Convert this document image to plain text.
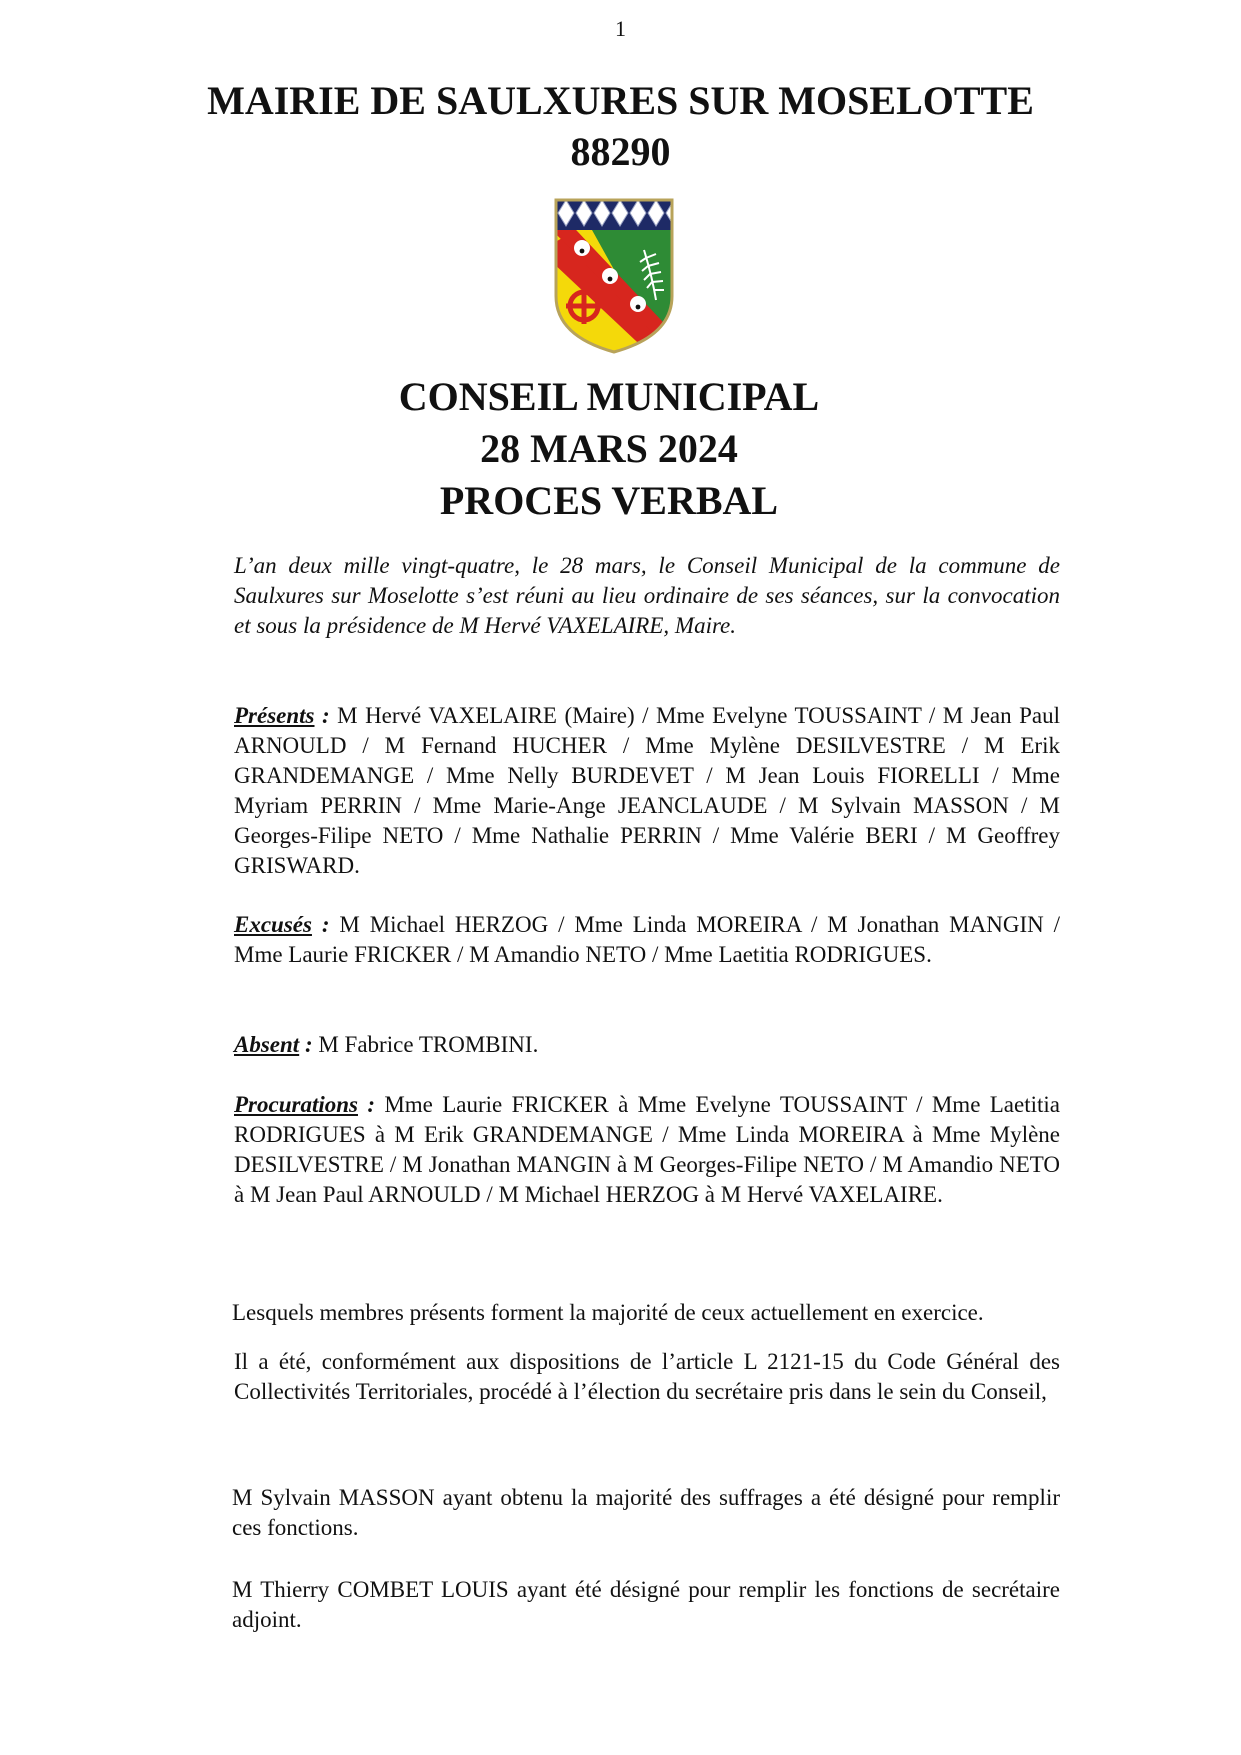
1
MAIRIE DE SAULXURES SUR MOSELOTTE
88290
CONSEIL MUNICIPAL
28 MARS 2024
PROCES VERBAL

L’an deux mille vingt-quatre, le 28 mars, le Conseil Municipal de la commune de Saulxures sur Moselotte s’est réuni au lieu ordinaire de ses séances, sur la convocation et sous la présidence de M Hervé VAXELAIRE, Maire.

Présents : M Hervé VAXELAIRE (Maire) / Mme Evelyne TOUSSAINT / M Jean Paul ARNOULD / M Fernand HUCHER / Mme Mylène DESILVESTRE / M Erik GRANDEMANGE / Mme Nelly BURDEVET / M Jean Louis FIORELLI / Mme Myriam PERRIN / Mme Marie-Ange JEANCLAUDE / M Sylvain MASSON / M Georges-Filipe NETO / Mme Nathalie PERRIN / Mme Valérie BERI / M Geoffrey GRISWARD.

Excusés : M Michael HERZOG / Mme Linda MOREIRA / M Jonathan MANGIN / Mme Laurie FRICKER / M Amandio NETO / Mme Laetitia RODRIGUES.

Absent : M Fabrice TROMBINI.

Procurations : Mme Laurie FRICKER à Mme Evelyne TOUSSAINT / Mme Laetitia RODRIGUES à M Erik GRANDEMANGE / Mme Linda MOREIRA à Mme Mylène DESILVESTRE / M Jonathan MANGIN à M Georges-Filipe NETO / M Amandio NETO à M Jean Paul ARNOULD / M Michael HERZOG à M Hervé VAXELAIRE.

Lesquels membres présents forment la majorité de ceux actuellement en exercice.

Il a été, conformément aux dispositions de l’article L 2121-15 du Code Général des Collectivités Territoriales, procédé à l’élection du secrétaire pris dans le sein du Conseil,

M Sylvain MASSON ayant obtenu la majorité des suffrages a été désigné pour remplir ces fonctions.

M Thierry COMBET LOUIS ayant été désigné pour remplir les fonctions de secrétaire adjoint.
